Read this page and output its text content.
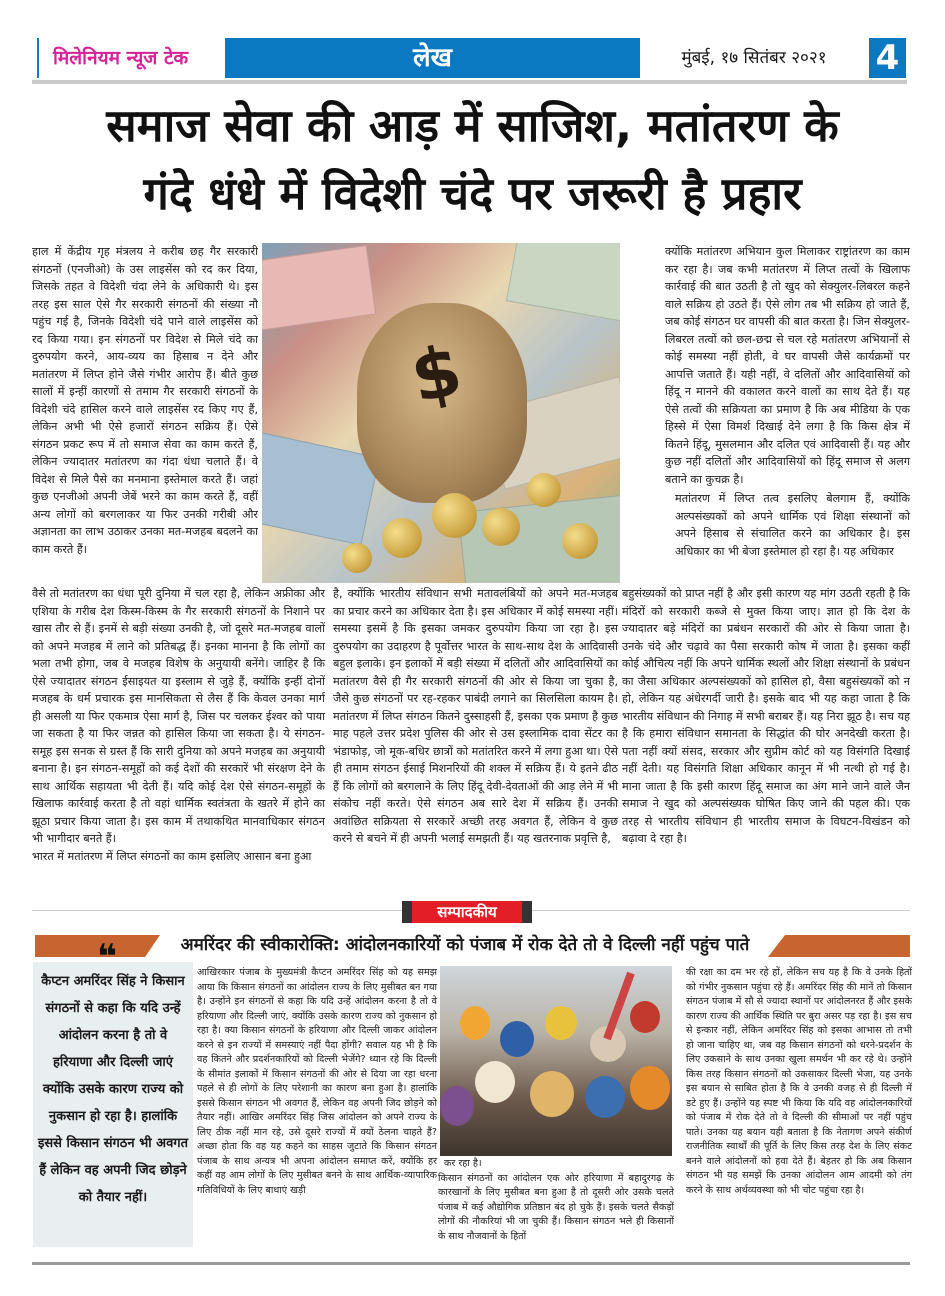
मिलेनियम न्यूज टेक	लेख	मुंबई, १७ सितंबर २०२१	4
समाज सेवा की आड़ में साजिश, मतांतरण के
गंदे धंधे में विदेशी चंदे पर जरूरी है प्रहार

हाल में केंद्रीय गृह मंत्रलय ने करीब छह गैर सरकारी संगठनों (एनजीओ) के उस लाइसेंस को रद कर दिया, जिसके तहत वे विदेशी चंदा लेने के अधिकारी थे। इस तरह इस साल ऐसे गैर सरकारी संगठनों की संख्या नौ पहुंच गई है, जिनके विदेशी चंदे पाने वाले लाइसेंस को रद किया गया। इन संगठनों पर विदेश से मिले चंदे का दुरुपयोग करने, आय-व्यय का हिसाब न देने और मतांतरण में लिप्त होने जैसे गंभीर आरोप हैं। बीते कुछ सालों में इन्हीं कारणों से तमाम गैर सरकारी संगठनों के विदेशी चंदे हासिल करने वाले लाइसेंस रद किए गए हैं, लेकिन अभी भी ऐसे हजारों संगठन सक्रिय हैं। ऐसे संगठन प्रकट रूप में तो समाज सेवा का काम करते हैं, लेकिन ज्यादातर मतांतरण का गंदा धंधा चलाते हैं। वे विदेश से मिले पैसे का मनमाना इस्तेमाल करते हैं। जहां कुछ एनजीओ अपनी जेबें भरने का काम करते हैं, वहीं अन्य लोगों को बरगलाकर या फिर उनकी गरीबी और अज्ञानता का लाभ उठाकर उनका मत-मजहब बदलने का काम करते हैं।

$

क्योंकि मतांतरण अभियान कुल मिलाकर राष्ट्रांतरण का काम कर रहा है। जब कभी मतांतरण में लिप्त तत्वों के खिलाफ कार्रवाई की बात उठती है तो खुद को सेक्युलर-लिबरल कहने वाले सक्रिय हो उठते हैं। ऐसे लोग तब भी सक्रिय हो जाते हैं, जब कोई संगठन घर वापसी की बात करता है। जिन सेक्युलर-लिबरल तत्वों को छल-छद्म से चल रहे मतांतरण अभियानों से कोई समस्या नहीं होती, वे घर वापसी जैसे कार्यक्रमों पर आपत्ति जताते हैं। यही नहीं, वे दलितों और आदिवासियों को हिंदू न मानने की वकालत करने वालों का साथ देते हैं। यह ऐसे तत्वों की सक्रियता का प्रमाण है कि अब मीडिया के एक हिस्से में ऐसा विमर्श दिखाई देने लगा है कि किस क्षेत्र में कितने हिंदू, मुसलमान और दलित एवं आदिवासी हैं। यह और कुछ नहीं दलितों और आदिवासियों को हिंदू समाज से अलग बताने का कुचक्र है।

मतांतरण में लिप्त तत्व इसलिए बेलगाम हैं, क्योंकि अल्पसंख्यकों को अपने धार्मिक एवं शिक्षा संस्थानों को अपने हिसाब से संचालित करने का अधिकार है। इस अधिकार का भी बेजा इस्तेमाल हो रहा है। यह अधिकार

बहुसंख्यकों को प्राप्त नहीं है और इसी कारण यह मांग उठती रहती है कि मंदिरों को सरकारी कब्जे से मुक्त किया जाए। ज्ञात हो कि देश के ज्यादातर बड़े मंदिरों का प्रबंधन सरकारों की ओर से किया जाता है। उनके चंदे और चढ़ावे का पैसा सरकारी कोष में जाता है। इसका कहीं कोई औचित्य नहीं कि अपने धार्मिक स्थलों और शिक्षा संस्थानों के प्रबंधन का जैसा अधिकार अल्पसंख्यकों को हासिल हो, वैसा बहुसंख्यकों को न हो, लेकिन यह अंधेरगर्दी जारी है। इसके बाद भी यह कहा जाता है कि भारतीय संविधान की निगाह में सभी बराबर हैं। यह निरा झूठ है। सच यह है कि हमारा संविधान समानता के सिद्धांत की घोर अनदेखी करता है। पता नहीं क्यों संसद, सरकार और सुप्रीम कोर्ट को यह विसंगति दिखाई नहीं देती। यह विसंगति शिक्षा अधिकार कानून में भी नत्थी हो गई है। माना जाता है कि इसी कारण हिंदू समाज का अंग माने जाने वाले जैन समाज ने खुद को अल्पसंख्यक घोषित किए जाने की पहल की। एक तरह से भारतीय संविधान ही भारतीय समाज के विघटन-विखंडन को बढ़ावा दे रहा है।

वैसे तो मतांतरण का धंधा पूरी दुनिया में चल रहा है, लेकिन अफ्रीका और एशिया के गरीब देश किस्म-किस्म के गैर सरकारी संगठनों के निशाने पर खास तौर से हैं। इनमें से बड़ी संख्या उनकी है, जो दूसरे मत-मजहब वालों को अपने मजहब में लाने को प्रतिबद्ध हैं। इनका मानना है कि लोगों का भला तभी होगा, जब वे मजहब विशेष के अनुयायी बनेंगे। जाहिर है कि ऐसे ज्यादातर संगठन ईसाइयत या इस्लाम से जुड़े हैं, क्योंकि इन्हीं दोनों मजहब के धर्म प्रचारक इस मानसिकता से लैस हैं कि केवल उनका मार्ग ही असली या फिर एकमात्र ऐसा मार्ग है, जिस पर चलकर ईश्वर को पाया जा सकता है या फिर जन्नत को हासिल किया जा सकता है। ये संगठन-समूह इस सनक से ग्रस्त हैं कि सारी दुनिया को अपने मजहब का अनुयायी बनाना है। इन संगठन-समूहों को कई देशों की सरकारें भी संरक्षण देने के साथ आर्थिक सहायता भी देती हैं। यदि कोई देश ऐसे संगठन-समूहों के खिलाफ कार्रवाई करता है तो वहां धार्मिक स्वतंत्रता के खतरे में होने का झूठा प्रचार किया जाता है। इस काम में तथाकथित मानवाधिकार संगठन भी भागीदार बनते हैं।

भारत में मतांतरण में लिप्त संगठनों का काम इसलिए आसान बना हुआ

है, क्योंकि भारतीय संविधान सभी मतावलंबियों को अपने मत-मजहब का प्रचार करने का अधिकार देता है। इस अधिकार में कोई समस्या नहीं। समस्या इसमें है कि इसका जमकर दुरुपयोग किया जा रहा है। इस दुरुपयोग का उदाहरण है पूर्वोत्तर भारत के साथ-साथ देश के आदिवासी बहुल इलाके। इन इलाकों में बड़ी संख्या में दलितों और आदिवासियों का मतांतरण वैसे ही गैर सरकारी संगठनों की ओर से किया जा चुका है, जैसे कुछ संगठनों पर रह-रहकर पाबंदी लगाने का सिलसिला कायम है। मतांतरण में लिप्त संगठन कितने दुस्साहसी हैं, इसका एक प्रमाण है कुछ माह पहले उत्तर प्रदेश पुलिस की ओर से उस इस्लामिक दावा सेंटर का भंडाफोड़, जो मूक-बधिर छात्रों को मतांतरित करने में लगा हुआ था। ऐसे ही तमाम संगठन ईसाई मिशनरियों की शक्ल में सक्रिय हैं। ये इतने ढीठ हैं कि लोगों को बरगलाने के लिए हिंदू देवी-देवताओं की आड़ लेने में भी संकोच नहीं करते। ऐसे संगठन अब सारे देश में सक्रिय हैं। उनकी अवांछित सक्रियता से सरकारें अच्छी तरह अवगत हैं, लेकिन वे कुछ करने से बचने में ही अपनी भलाई समझती हैं। यह खतरनाक प्रवृत्ति है,

सम्पादकीय
अमरिंदर की स्वीकारोक्ति: आंदोलनकारियों को पंजाब में रोक देते तो वे दिल्ली नहीं पहुंच पाते
❝
कैप्टन अमरिंदर सिंह ने किसान संगठनों से कहा कि यदि उन्हें आंदोलन करना है तो वे हरियाणा और दिल्ली जाएं क्योंकि उसके कारण राज्य को नुकसान हो रहा है। हालांकि इससे किसान संगठन भी अवगत हैं लेकिन वह अपनी जिद छोड़ने को तैयार नहीं।

आखिरकार पंजाब के मुख्यमंत्री कैप्टन अमरिंदर सिंह को यह समझ आया कि किसान संगठनों का आंदोलन राज्य के लिए मुसीबत बन गया है। उन्होंने इन संगठनों से कहा कि यदि उन्हें आंदोलन करना है तो वे हरियाणा और दिल्ली जाएं, क्योंकि उसके कारण राज्य को नुकसान हो रहा है। क्या किसान संगठनों के हरियाणा और दिल्ली जाकर आंदोलन करने से इन राज्यों में समस्याएं नहीं पैदा होंगी? सवाल यह भी है कि वह कितने और प्रदर्शनकारियों को दिल्ली भेजेंगे? ध्यान रहे कि दिल्ली के सीमांत इलाकों में किसान संगठनों की ओर से दिया जा रहा धरना पहले से ही लोगों के लिए परेशानी का कारण बना हुआ है। हालांकि इससे किसान संगठन भी अवगत हैं, लेकिन वह अपनी जिद छोड़ने को तैयार नहीं। आखिर अमरिंदर सिंह जिस आंदोलन को अपने राज्य के लिए ठीक नहीं मान रहे, उसे दूसरे राज्यों में क्यों ठेलना चाहते हैं? अच्छा होता कि वह यह कहने का साहस जुटाते कि किसान संगठन पंजाब के साथ अन्यत्र भी अपना आंदोलन समाप्त करें, क्योंकि हर कहीं वह आम लोगों के लिए मुसीबत बनने के साथ आर्थिक-व्यापारिक गतिविधियों के लिए बाधाएं खड़ी

कर रहा है।

किसान संगठनों का आंदोलन एक ओर हरियाणा में बहादुरगढ़ के कारखानों के लिए मुसीबत बना हुआ है तो दूसरी ओर उसके चलते पंजाब में कई औद्योगिक प्रतिष्ठान बंद हो चुके हैं। इसके चलते सैकड़ों लोगों की नौकरियां भी जा चुकी हैं। किसान संगठन भले ही किसानों के साथ नौजवानों के हितों

की रक्षा का दम भर रहे हों, लेकिन सच यह है कि वे उनके हितों को गंभीर नुकसान पहुंचा रहे हैं। अमरिंदर सिंह की मानें तो किसान संगठन पंजाब में सौ से ज्यादा स्थानों पर आंदोलनरत हैं और इसके कारण राज्य की आर्थिक स्थिति पर बुरा असर पड़ रहा है। इस सच से इन्कार नहीं, लेकिन अमरिंदर सिंह को इसका आभास तो तभी हो जाना चाहिए था, जब वह किसान संगठनों को धरने-प्रदर्शन के लिए उकसाने के साथ उनका खुला समर्थन भी कर रहे थे। उन्होंने किस तरह किसान संगठनों को उकसाकर दिल्ली भेजा, यह उनके इस बयान से साबित होता है कि वे उनकी वजह से ही दिल्ली में डटे हुए हैं। उन्होंने यह स्पष्ट भी किया कि यदि वह आंदोलनकारियों को पंजाब में रोक देते तो वे दिल्ली की सीमाओं पर नहीं पहुंच पाते। उनका यह बयान यही बताता है कि नेतागण अपने संकीर्ण राजनीतिक स्वार्थों की पूर्ति के लिए किस तरह देश के लिए संकट बनने वाले आंदोलनों को हवा देते हैं। बेहतर हो कि अब किसान संगठन भी यह समझें कि उनका आंदोलन आम आदमी को तंग करने के साथ अर्थव्यवस्था को भी चोट पहुंचा रहा है।
